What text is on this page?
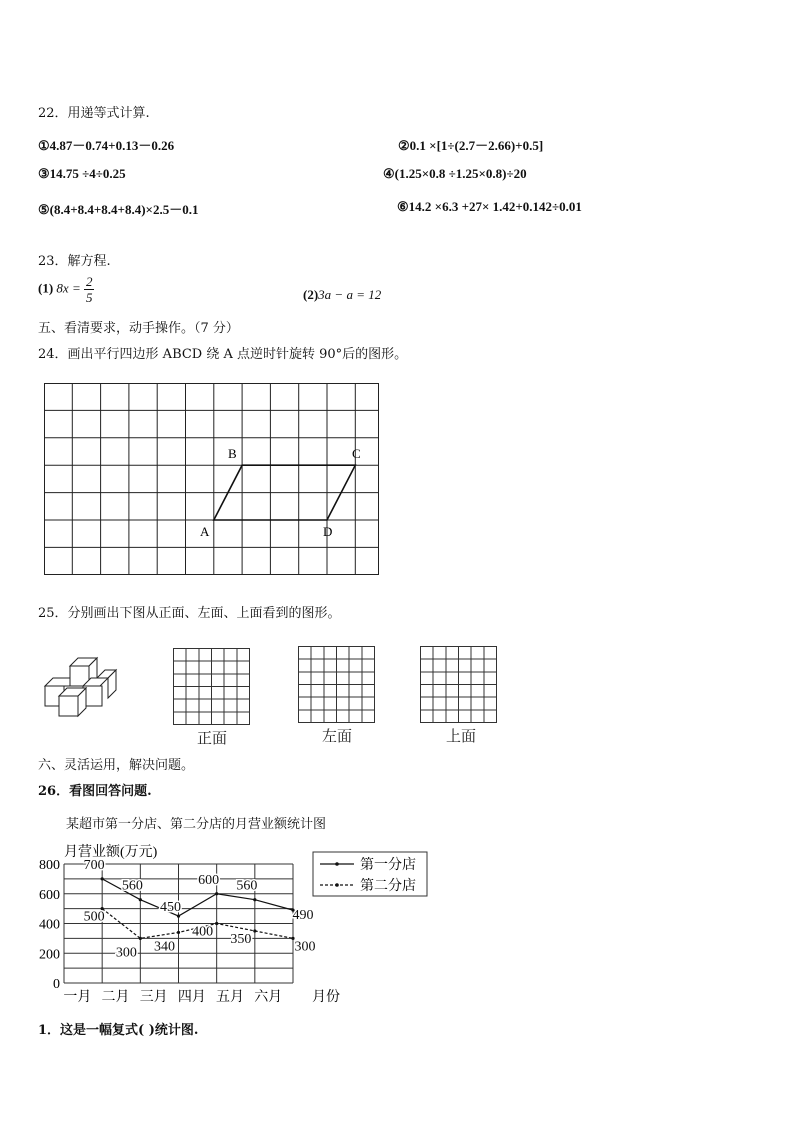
22．用递等式计算.
①4.87－0.74+0.13－0.26	②0.1 ×[1÷(2.7－2.66)+0.5]
③14.75 ÷4÷0.25	④(1.25×0.8 ÷1.25×0.8)÷20
⑤(8.4+8.4+8.4+8.4)×2.5－0.1	⑥14.2 ×6.3 +27× 1.42+0.142÷0.01
23．解方程.
(1) $8x = \frac{2}{5}$	(2)3a − a = 12
五、看清要求，动手操作。（7 分）
24．画出平行四边形 ABCD 绕 A 点逆时针旋转 90°后的图形。
A
B	C
D
25．分别画出下图从正面、左面、上面看到的图形。
正面	左面	上面
六、灵活运用，解决问题。
26．看图回答问题.
某超市第一分店、第二分店的月营业额统计图
月营业额(万元)
0
200
400
600
800
一月 二月 三月 四月 五月 六月 月份
700
560
450
600 560
490
500
300 340
400 350	300
第一分店
第二分店
1．这是一幅复式( )统计图.
